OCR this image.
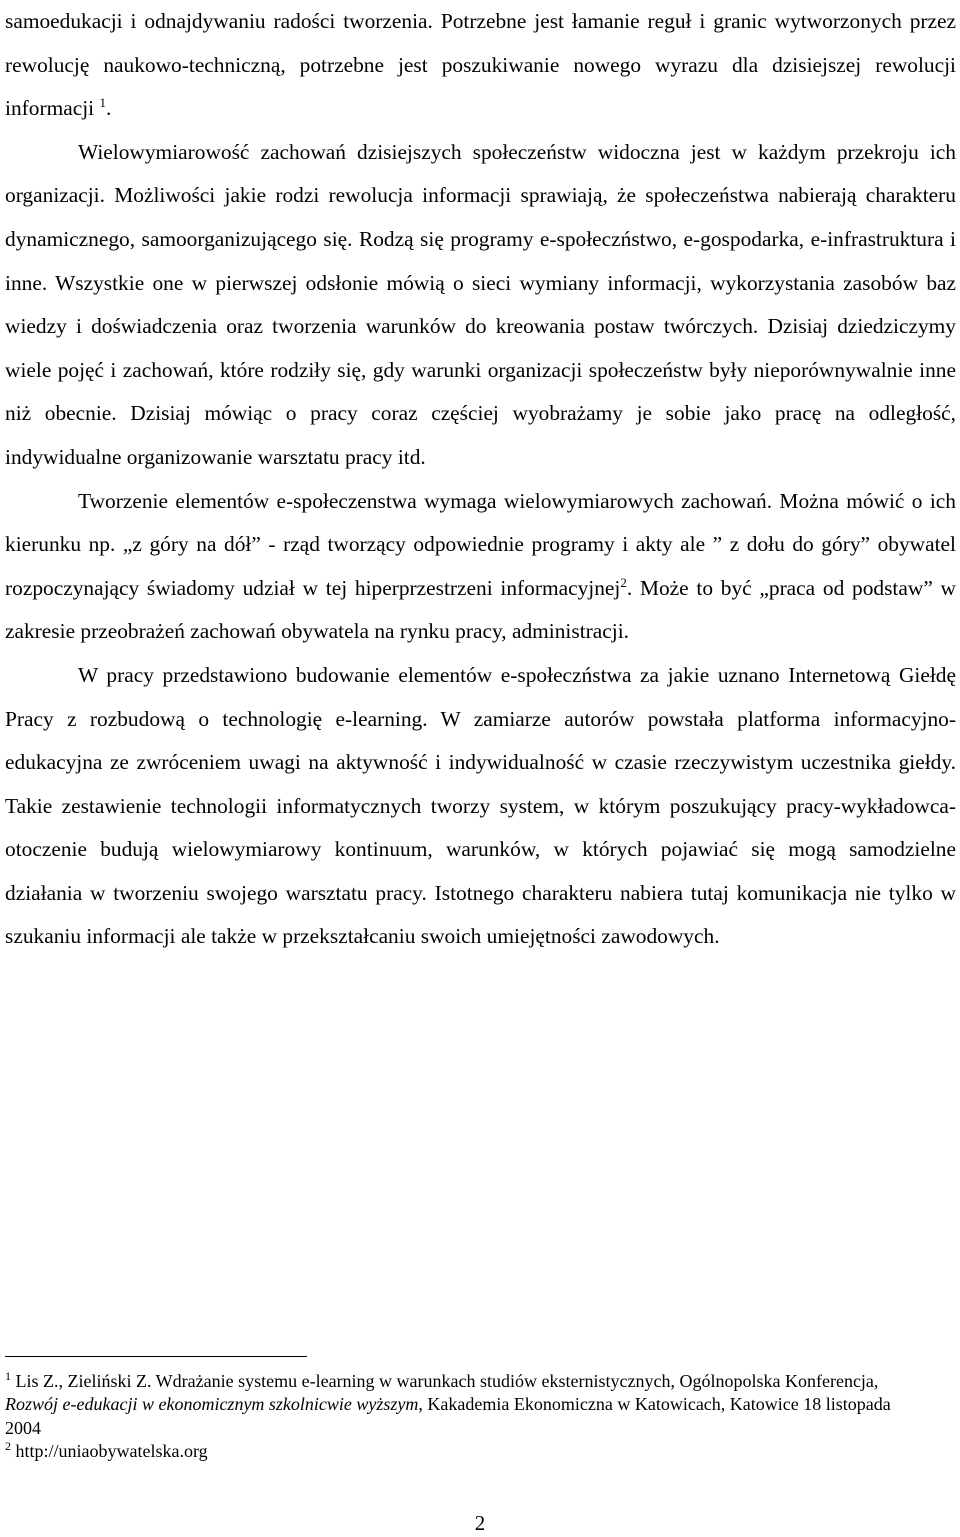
samoedukacji i odnajdywaniu radości tworzenia. Potrzebne jest łamanie reguł i granic wytworzonych przez rewolucję naukowo-techniczną, potrzebne jest poszukiwanie nowego wyrazu dla dzisiejszej rewolucji informacji $^1$.

Wielowymiarowość zachowań dzisiejszych społeczeństw widoczna jest w każdym przekroju ich organizacji. Możliwości jakie rodzi rewolucja informacji sprawiają, że społeczeństwa nabierają charakteru dynamicznego, samoorganizującego się. Rodzą się programy e-społeczństwo, e-gospodarka, e-infrastruktura i inne. Wszystkie one w pierwszej odsłonie mówią o sieci wymiany informacji, wykorzystania zasobów baz wiedzy i doświadczenia oraz tworzenia warunków do kreowania postaw twórczych. Dzisiaj dziedziczymy wiele pojęć i zachowań, które rodziły się, gdy warunki organizacji społeczeństw były nieporównywalnie inne niż obecnie. Dzisiaj mówiąc o pracy coraz częściej wyobrażamy je sobie jako pracę na odległość, indywidualne organizowanie warsztatu pracy itd.

Tworzenie elementów e-społeczenstwa wymaga wielowymiarowych zachowań. Można mówić o ich kierunku np. „z góry na dół” - rząd tworzący odpowiednie programy i akty ale ” z dołu do góry” obywatel rozpoczynający świadomy udział w tej hiperprzestrzeni informacyjnej$^2$. Może to być „praca od podstaw” w zakresie przeobrażeń zachowań obywatela na rynku pracy, administracji.

W pracy przedstawiono budowanie elementów e-społeczństwa za jakie uznano Internetową Giełdę Pracy z rozbudową o technologię e-learning. W zamiarze autorów powstała platforma informacyjno-edukacyjna ze zwróceniem uwagi na aktywność i indywidualność w czasie rzeczywistym uczestnika giełdy. Takie zestawienie technologii informatycznych tworzy system, w którym poszukujący pracy-wykładowca-otoczenie budują wielowymiarowy kontinuum, warunków, w których pojawiać się mogą samodzielne działania w tworzeniu swojego warsztatu pracy. Istotnego charakteru nabiera tutaj komunikacja nie tylko w szukaniu informacji ale także w przekształcaniu swoich umiejętności zawodowych.

$^1$ Lis Z., Zieliński Z. Wdrażanie systemu e-learning w warunkach studiów eksternistycznych, Ogólnopolska Konferencja, Rozwój e-edukacji w ekonomicznym szkolnicwie wyższym, Kakademia Ekonomiczna w Katowicach, Katowice 18 listopada 2004
$^2$ http://uniaobywatelska.org
2
